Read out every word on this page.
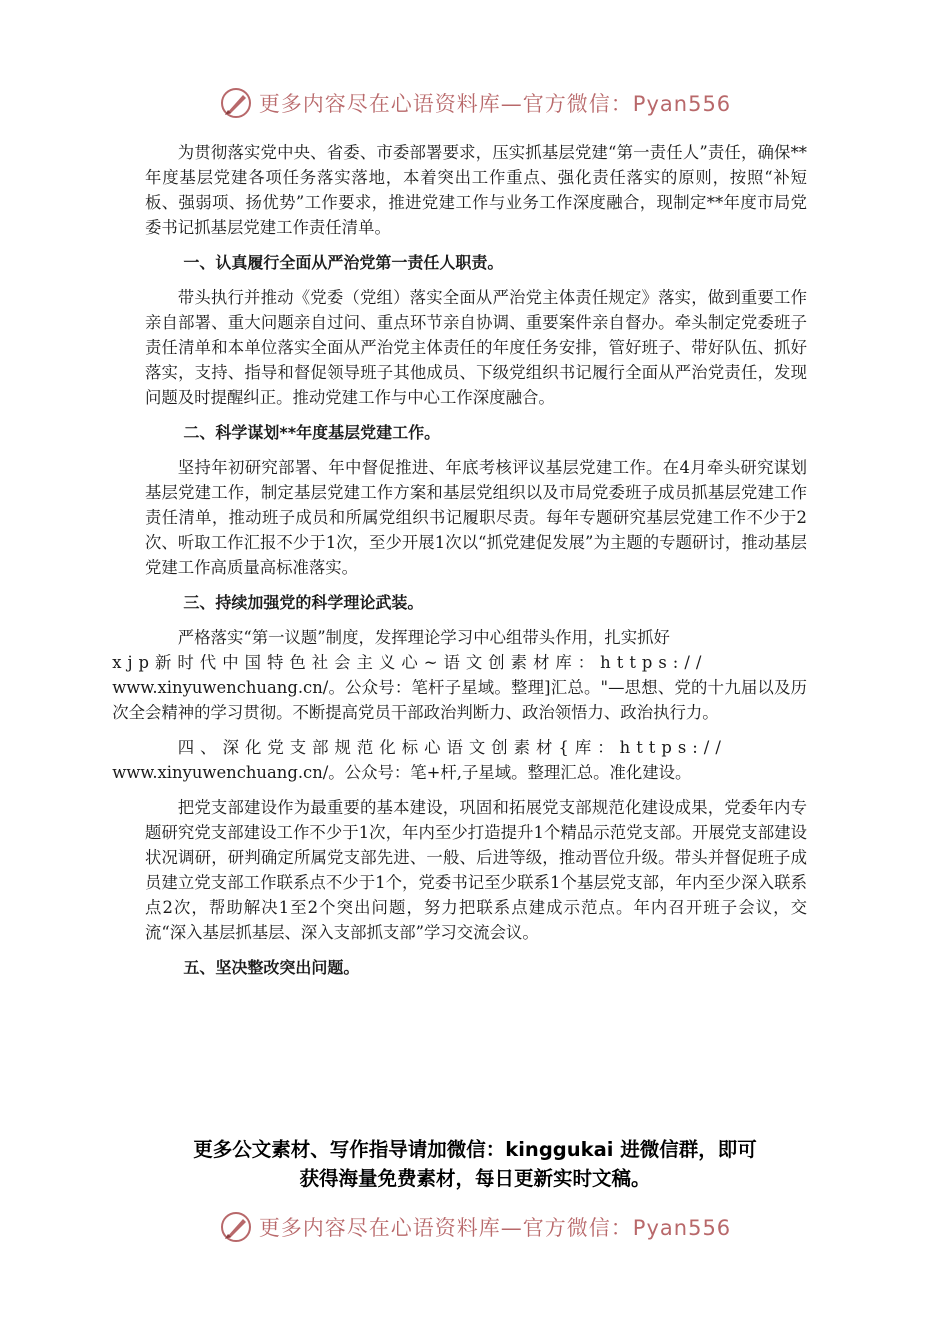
更多内容尽在心语资料库—官方微信：Pyan556

为贯彻落实党中央、省委、市委部署要求，压实抓基层党建“第一责任人”责任，确保**年度基层党建各项任务落实落地，本着突出工作重点、强化责任落实的原则，按照“补短板、强弱项、扬优势”工作要求，推进党建工作与业务工作深度融合，现制定**年度市局党委书记抓基层党建工作责任清单。

一、认真履行全面从严治党第一责任人职责。

带头执行并推动《党委（党组）落实全面从严治党主体责任规定》落实，做到重要工作亲自部署、重大问题亲自过问、重点环节亲自协调、重要案件亲自督办。牵头制定党委班子责任清单和本单位落实全面从严治党主体责任的年度任务安排，管好班子、带好队伍、抓好落实，支持、指导和督促领导班子其他成员、下级党组织书记履行全面从严治党责任，发现问题及时提醒纠正。推动党建工作与中心工作深度融合。

二、科学谋划**年度基层党建工作。

坚持年初研究部署、年中督促推进、年底考核评议基层党建工作。在4月牵头研究谋划基层党建工作，制定基层党建工作方案和基层党组织以及市局党委班子成员抓基层党建工作责任清单，推动班子成员和所属党组织书记履职尽责。每年专题研究基层党建工作不少于2次、听取工作汇报不少于1次，至少开展1次以“抓党建促发展”为主题的专题研讨，推动基层党建工作高质量高标准落实。

三、持续加强党的科学理论武装。

严格落实“第一议题”制度，发挥理论学习中心组带头作用，扎实抓好
xjp新时代中国特色社会主义心~语文创素材库：https://
www.xinyuwenchuang.cn/。公众号：笔杆子星域。整理]汇总。"—思想、党的十九届以及历次全会精神的学习贯彻。不断提高党员干部政治判断力、政治领悟力、政治执行力。

四、深化党支部规范化标心语文创素材{库：https://
www.xinyuwenchuang.cn/。公众号：笔+杆,子星域。整理汇总。准化建设。

把党支部建设作为最重要的基本建设，巩固和拓展党支部规范化建设成果，党委年内专题研究党支部建设工作不少于1次，年内至少打造提升1个精品示范党支部。开展党支部建设状况调研，研判确定所属党支部先进、一般、后进等级，推动晋位升级。带头并督促班子成员建立党支部工作联系点不少于1个，党委书记至少联系1个基层党支部，年内至少深入联系点2次，帮助解决1至2个突出问题，努力把联系点建成示范点。年内召开班子会议，交流“深入基层抓基层、深入支部抓支部”学习交流会议。

五、坚决整改突出问题。

更多公文素材、写作指导请加微信：kinggukai 进微信群，即可
获得海量免费素材，每日更新实时文稿。
更多内容尽在心语资料库—官方微信：Pyan556
